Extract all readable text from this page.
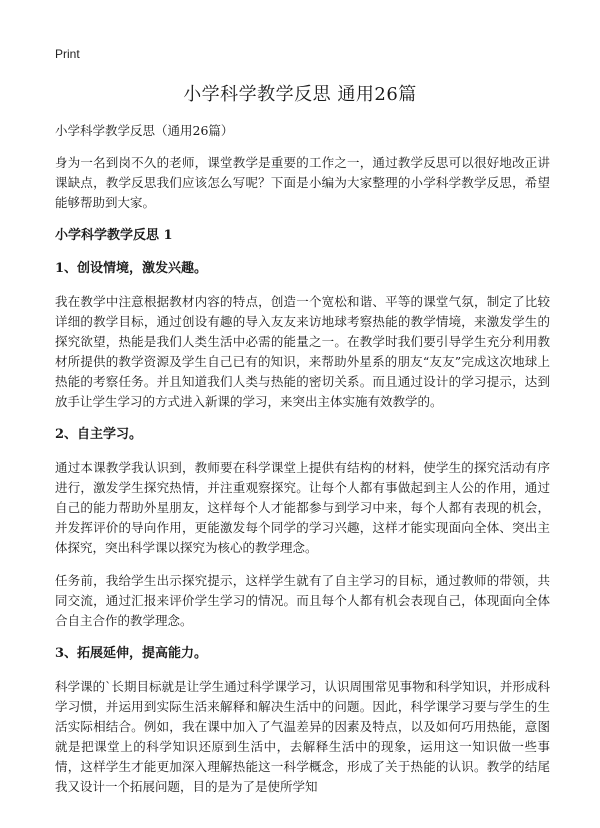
Print
小学科学教学反思 通用26篇
小学科学教学反思（通用26篇）

身为一名到岗不久的老师，课堂教学是重要的工作之一，通过教学反思可以很好地改正讲课缺点，教学反思我们应该怎么写呢？下面是小编为大家整理的小学科学教学反思，希望能够帮助到大家。

小学科学教学反思 1
1、创设情境，激发兴趣。

我在教学中注意根据教材内容的特点，创造一个宽松和谐、平等的课堂气氛，制定了比较详细的教学目标，通过创设有趣的导入友友来访地球考察热能的教学情境，来激发学生的探究欲望，热能是我们人类生活中必需的能量之一。在教学时我们要引导学生充分利用教材所提供的教学资源及学生自己已有的知识，来帮助外星系的朋友“友友”完成这次地球上热能的考察任务。并且知道我们人类与热能的密切关系。而且通过设计的学习提示，达到放手让学生学习的方式进入新课的学习，来突出主体实施有效教学的。

2、自主学习。

通过本课教学我认识到，教师要在科学课堂上提供有结构的材料，使学生的探究活动有序进行，激发学生探究热情，并注重观察探究。让每个人都有事做起到主人公的作用，通过自己的能力帮助外星朋友，这样每个人才能都参与到学习中来，每个人都有表现的机会，并发挥评价的导向作用，更能激发每个同学的学习兴趣，这样才能实现面向全体、突出主体探究，突出科学课以探究为核心的教学理念。

任务前，我给学生出示探究提示，这样学生就有了自主学习的目标，通过教师的带领，共同交流，通过汇报来评价学生学习的情况。而且每个人都有机会表现自己，体现面向全体合自主合作的教学理念。

3、拓展延伸，提高能力。

科学课的`长期目标就是让学生通过科学课学习，认识周围常见事物和科学知识，并形成科学习惯，并运用到实际生活来解释和解决生活中的问题。因此，科学课学习要与学生的生活实际相结合。例如，我在课中加入了气温差异的因素及特点，以及如何巧用热能，意图就是把课堂上的科学知识还原到生活中，去解释生活中的现象，运用这一知识做一些事情，这样学生才能更加深入理解热能这一科学概念，形成了关于热能的认识。教学的结尾我又设计一个拓展问题，目的是为了是使所学知
